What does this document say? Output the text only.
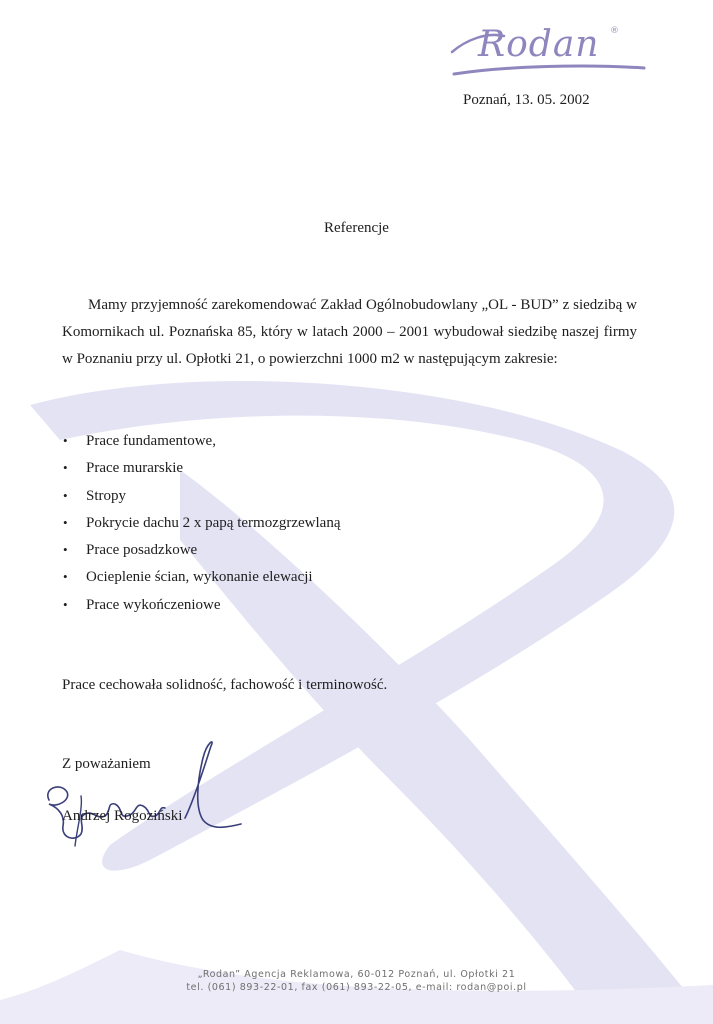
Rodan ®
Poznań, 13. 05. 2002
Referencje
Mamy przyjemność zarekomendować Zakład Ogólnobudowlany „OL - BUD” z siedzibą w Komornikach ul. Poznańska 85, który w latach 2000 – 2001 wybudował siedzibę naszej firmy w Poznaniu przy ul. Opłotki 21, o powierzchni 1000 m2 w następującym zakresie:
• Prace fundamentowe,
• Prace murarskie
• Stropy
• Pokrycie dachu 2 x papą termozgrzewlaną
• Prace posadzkowe
• Ocieplenie ścian, wykonanie elewacji
• Prace wykończeniowe
Prace cechowała solidność, fachowość i terminowość.
Z poważaniem
Andrzej Rogoziński
„Rodan” Agencja Reklamowa, 60-012 Poznań, ul. Opłotki 21
tel. (061) 893-22-01, fax (061) 893-22-05, e-mail: rodan@poi.pl
